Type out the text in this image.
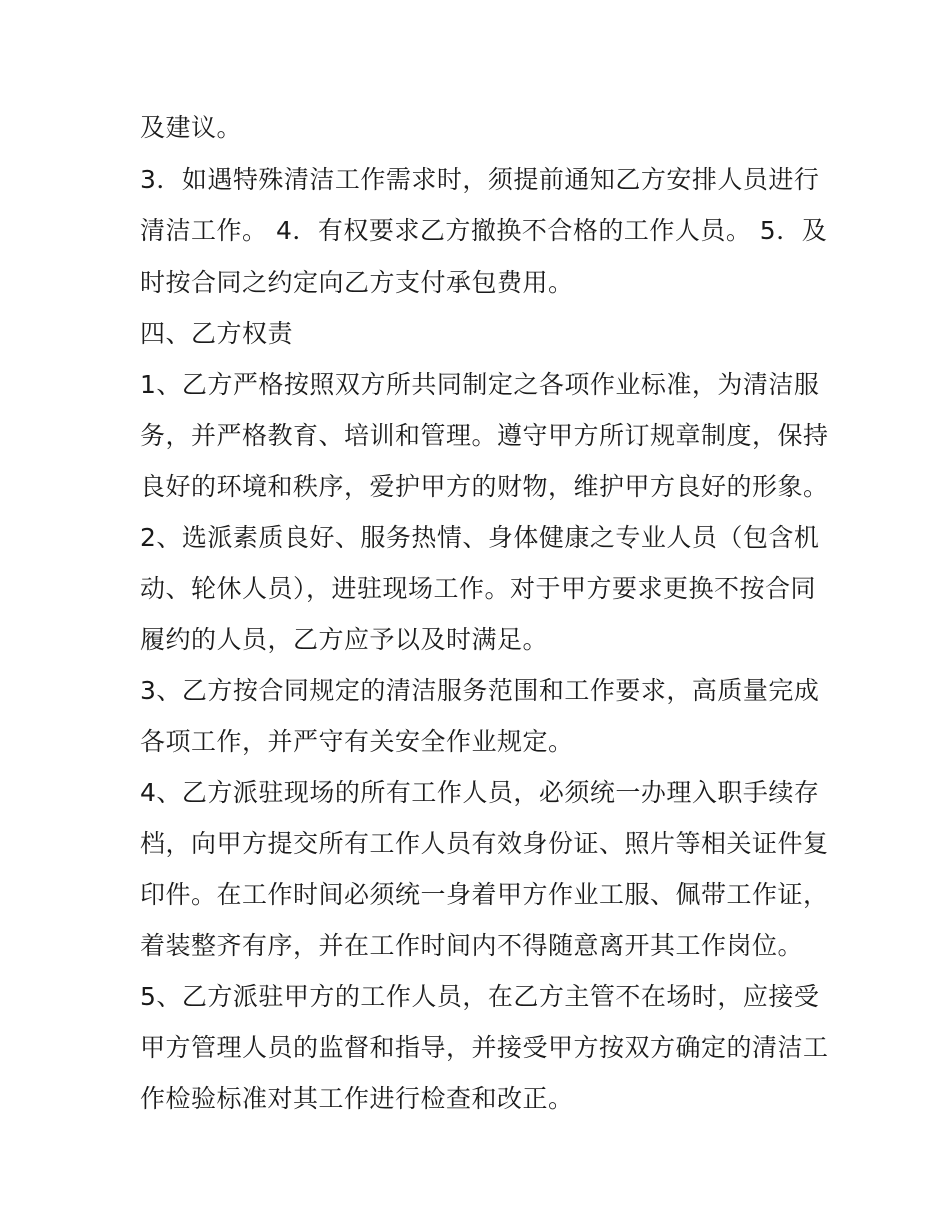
及建议。
3．如遇特殊清洁工作需求时，须提前通知乙方安排人员进行
清洁工作。 4．有权要求乙方撤换不合格的工作人员。 5．及
时按合同之约定向乙方支付承包费用。
四、乙方权责
1、乙方严格按照双方所共同制定之各项作业标准，为清洁服
务，并严格教育、培训和管理。遵守甲方所订规章制度，保持
良好的环境和秩序，爱护甲方的财物，维护甲方良好的形象。
2、选派素质良好、服务热情、身体健康之专业人员（包含机
动、轮休人员），进驻现场工作。对于甲方要求更换不按合同
履约的人员，乙方应予以及时满足。
3、乙方按合同规定的清洁服务范围和工作要求，高质量完成
各项工作，并严守有关安全作业规定。
4、乙方派驻现场的所有工作人员，必须统一办理入职手续存
档，向甲方提交所有工作人员有效身份证、照片等相关证件复
印件。在工作时间必须统一身着甲方作业工服、佩带工作证，
着装整齐有序，并在工作时间内不得随意离开其工作岗位。
5、乙方派驻甲方的工作人员，在乙方主管不在场时，应接受
甲方管理人员的监督和指导，并接受甲方按双方确定的清洁工
作检验标准对其工作进行检查和改正。
